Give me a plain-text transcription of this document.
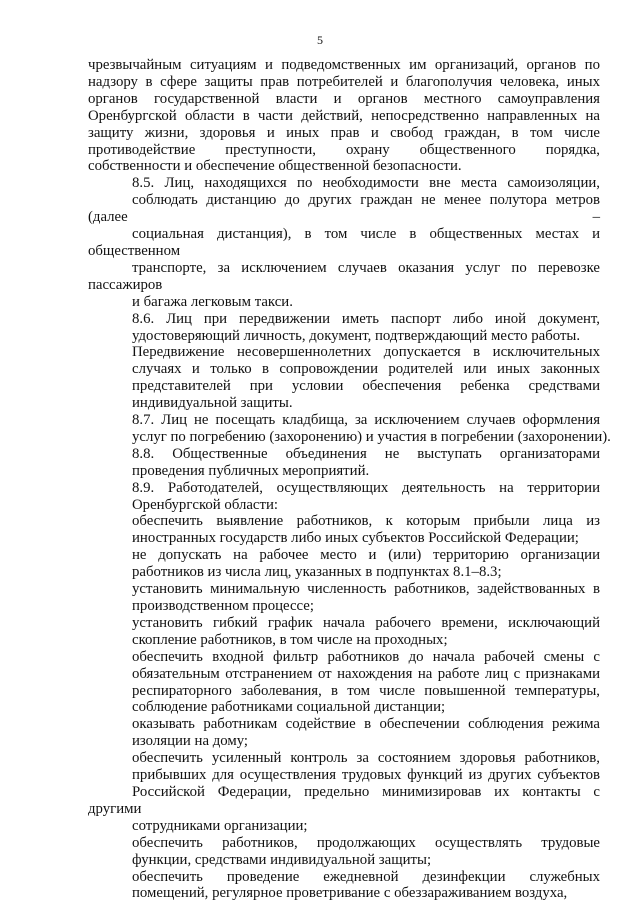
5
чрезвычайным ситуациям и подведомственных им организаций, органов по
надзору в сфере защиты прав потребителей и благополучия человека, иных
органов государственной власти и органов местного самоуправления
Оренбургской области в части действий, непосредственно направленных на
защиту жизни, здоровья и иных прав и свобод граждан, в том числе
противодействие преступности, охрану общественного порядка,
собственности и обеспечение общественной безопасности.
8.5. Лиц, находящихся по необходимости вне места самоизоляции,
соблюдать дистанцию до других граждан не менее полутора метров (далее –
социальная дистанция), в том числе в общественных местах и общественном
транспорте, за исключением случаев оказания услуг по перевозке пассажиров
и багажа легковым такси.
8.6. Лиц при передвижении иметь паспорт либо иной документ,
удостоверяющий личность, документ, подтверждающий место работы.
Передвижение несовершеннолетних допускается в исключительных
случаях и только в сопровождении родителей или иных законных
представителей при условии обеспечения ребенка средствами
индивидуальной защиты.
8.7. Лиц не посещать кладбища, за исключением случаев оформления
услуг по погребению (захоронению) и участия в погребении (захоронении).
8.8. Общественные объединения не выступать организаторами
проведения публичных мероприятий.
8.9. Работодателей, осуществляющих деятельность на территории
Оренбургской области:
обеспечить выявление работников, к которым прибыли лица из
иностранных государств либо иных субъектов Российской Федерации;
не допускать на рабочее место и (или) территорию организации
работников из числа лиц, указанных в подпунктах 8.1–8.3;
установить минимальную численность работников, задействованных в
производственном процессе;
установить гибкий график начала рабочего времени, исключающий
скопление работников, в том числе на проходных;
обеспечить входной фильтр работников до начала рабочей смены с
обязательным отстранением от нахождения на работе лиц с признаками
респираторного заболевания, в том числе повышенной температуры,
соблюдение работниками социальной дистанции;
оказывать работникам содействие в обеспечении соблюдения режима
изоляции на дому;
обеспечить усиленный контроль за состоянием здоровья работников,
прибывших для осуществления трудовых функций из других субъектов
Российской Федерации, предельно минимизировав их контакты с другими
сотрудниками организации;
обеспечить работников, продолжающих осуществлять трудовые
функции, средствами индивидуальной защиты;
обеспечить проведение ежедневной дезинфекции служебных
помещений, регулярное проветривание с обеззараживанием воздуха,
